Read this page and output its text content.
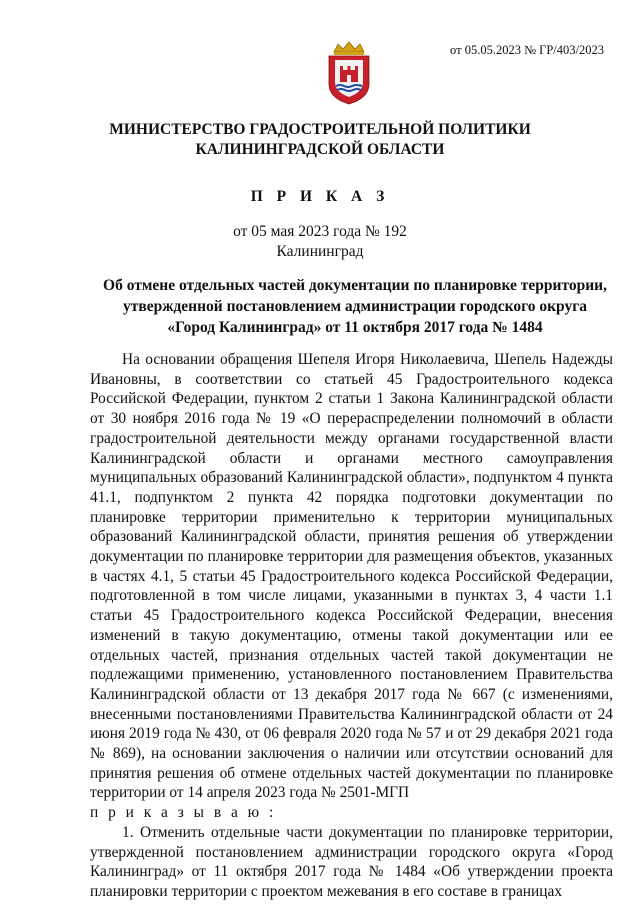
от 05.05.2023 № ГР/403/2023
МИНИСТЕРСТВО ГРАДОСТРОИТЕЛЬНОЙ ПОЛИТИКИ
КАЛИНИНГРАДСКОЙ ОБЛАСТИ
П Р И К А З
от 05 мая 2023 года № 192
Калининград
Об отмене отдельных частей документации по планировке территории,
утвержденной постановлением администрации городского округа
«Город Калининград» от 11 октября 2017 года № 1484

На основании обращения Шепеля Игоря Николаевича, Шепель Надежды Ивановны, в соответствии со статьей 45 Градостроительного кодекса Российской Федерации, пунктом 2 статьи 1 Закона Калининградской области от 30 ноября 2016 года № 19 «О перераспределении полномочий в области градостроительной деятельности между органами государственной власти Калининградской области и органами местного самоуправления муниципальных образований Калининградской области», подпунктом 4 пункта 41.1, подпунктом 2 пункта 42 порядка подготовки документации по планировке территории применительно к территории муниципальных образований Калининградской области, принятия решения об утверждении документации по планировке территории для размещения объектов, указанных в частях 4.1, 5 статьи 45 Градостроительного кодекса Российской Федерации, подготовленной в том числе лицами, указанными в пунктах 3, 4 части 1.1 статьи 45 Градостроительного кодекса Российской Федерации, внесения изменений в такую документацию, отмены такой документации или ее отдельных частей, признания отдельных частей такой документации не подлежащими применению, установленного постановлением Правительства Калининградской области от 13 декабря 2017 года № 667 (с изменениями, внесенными постановлениями Правительства Калининградской области от 24 июня 2019 года № 430, от 06 февраля 2020 года № 57 и от 29 декабря 2021 года № 869), на основании заключения о наличии или отсутствии оснований для принятия решения об отмене отдельных частей документации по планировке территории от 14 апреля 2023 года № 2501-МГП

п р и к а з ы в а ю :

1. Отменить отдельные части документации по планировке территории, утвержденной постановлением администрации городского округа «Город Калининград» от 11 октября 2017 года № 1484 «Об утверждении проекта планировки территории с проектом межевания в его составе в границах
